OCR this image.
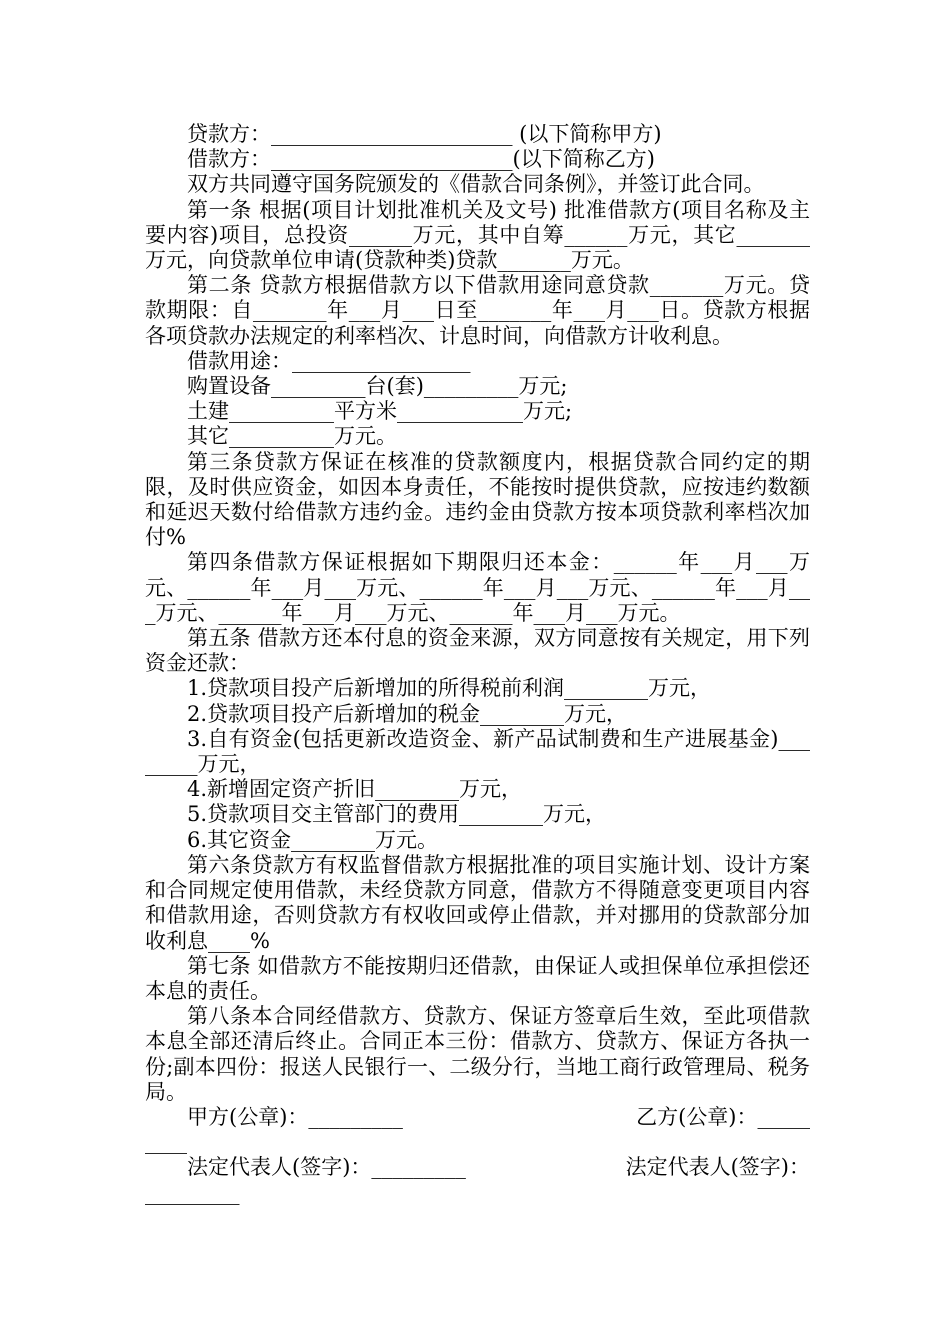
贷款方：_______________________ (以下简称甲方)

借款方：_______________________(以下简称乙方)

双方共同遵守国务院颁发的《借款合同条例》，并签订此合同。

第一条 根据(项目计划批准机关及文号) 批准借款方(项目名称及主要内容)项目，总投资______万元，其中自筹______万元，其它_______万元，向贷款单位申请(贷款种类)贷款_______万元。

第二条 贷款方根据借款方以下借款用途同意贷款_______万元。贷款期限：自_______年___月___日至_______年___月___日。贷款方根据各项贷款办法规定的利率档次、计息时间，向借款方计收利息。

借款用途：_________________

购置设备_________台(套)_________万元;

土建__________平方米____________万元;

其它__________万元。

第三条贷款方保证在核准的贷款额度内，根据贷款合同约定的期限，及时供应资金，如因本身责任，不能按时提供贷款，应按违约数额和延迟天数付给借款方违约金。违约金由贷款方按本项贷款利率档次加付%

第四条借款方保证根据如下期限归还本金：______年___月___万元、______年___月___万元、______年___月___万元、______年___月___万元、______年___月___万元、______年___月___万元。

第五条 借款方还本付息的资金来源，双方同意按有关规定，用下列资金还款：

1.贷款项目投产后新增加的所得税前利润________万元，

2.贷款项目投产后新增加的税金________万元，

3.自有资金(包括更新改造资金、新产品试制费和生产进展基金)________万元，

4.新增固定资产折旧________万元，

5.贷款项目交主管部门的费用________万元，

6.其它资金________万元。

第六条贷款方有权监督借款方根据批准的项目实施计划、设计方案和合同规定使用借款，未经贷款方同意，借款方不得随意变更项目内容和借款用途，否则贷款方有权收回或停止借款，并对挪用的贷款部分加收利息____%

第七条 如借款方不能按期归还借款，由保证人或担保单位承担偿还本息的责任。

第八条本合同经借款方、贷款方、保证方签章后生效，至此项借款本息全部还清后终止。合同正本三份：借款方、贷款方、保证方各执一份;副本四份：报送人民银行一、二级分行，当地工商行政管理局、税务局。

甲方(公章)：_________	乙方(公章)：_____

____

法定代表人(签字)：_________	法定代表人(签字)：

_________
